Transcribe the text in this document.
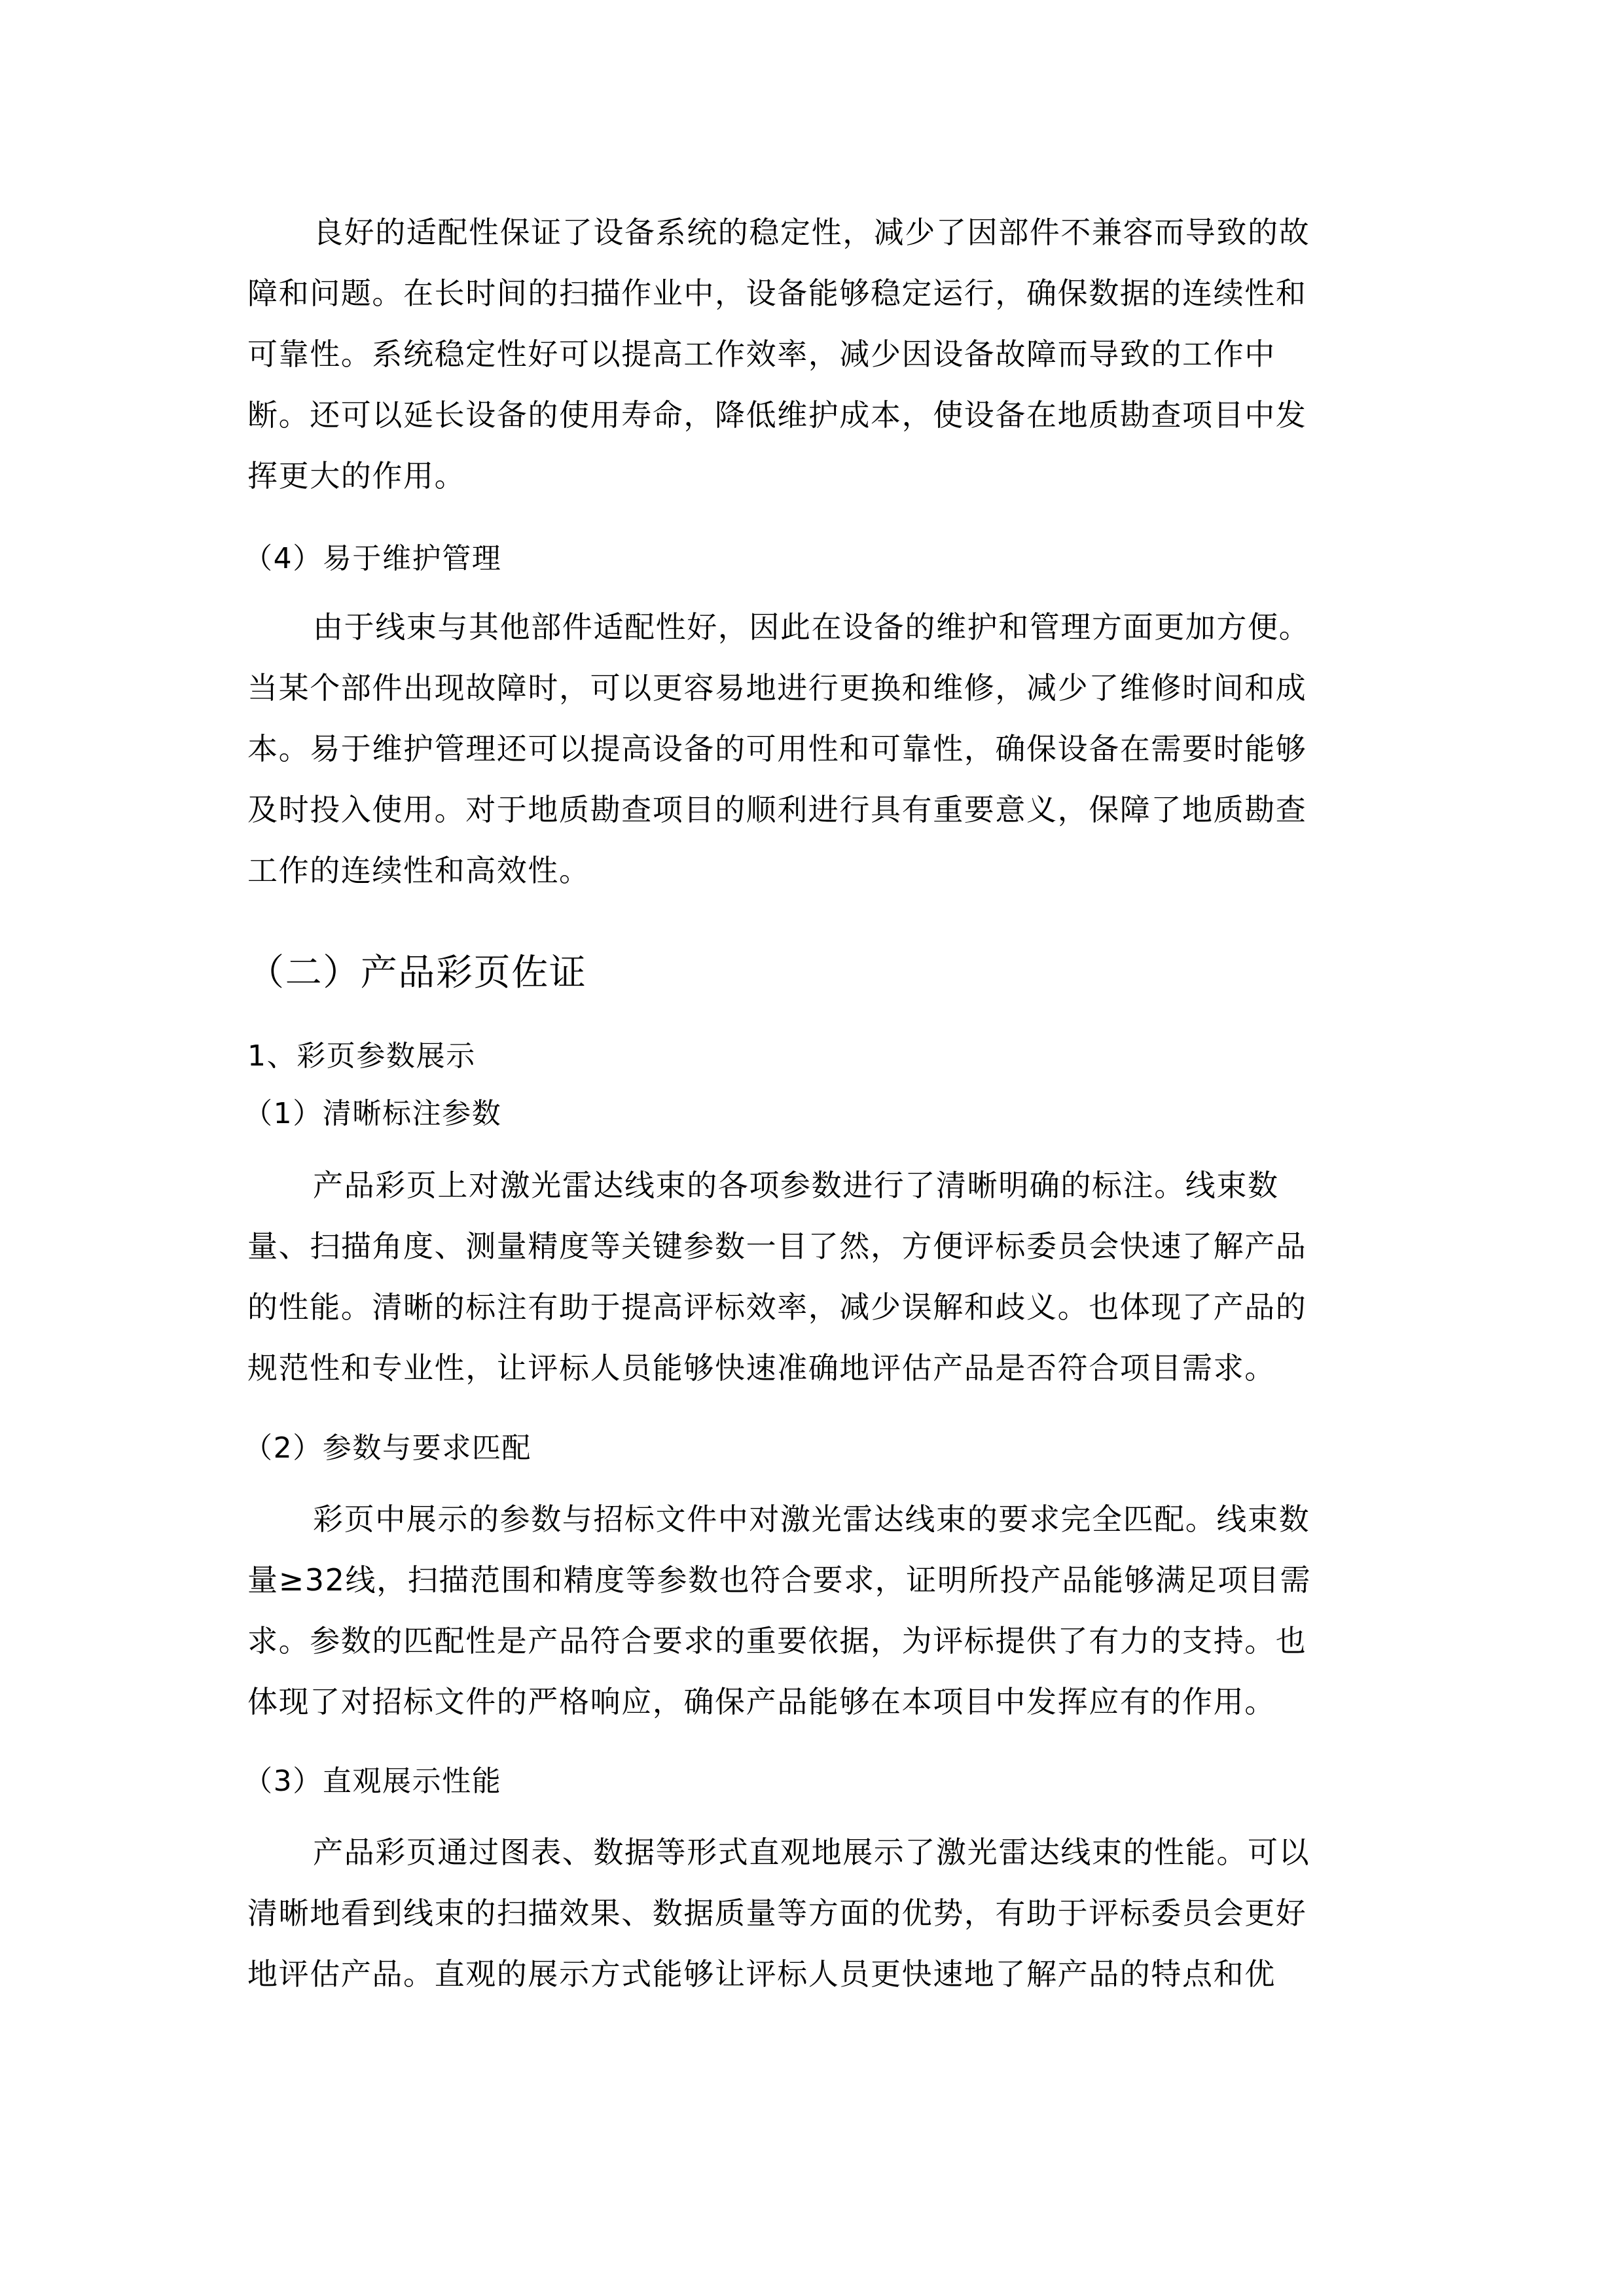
良好的适配性保证了设备系统的稳定性，减少了因部件不兼容而导致的故
障和问题。在长时间的扫描作业中，设备能够稳定运行，确保数据的连续性和
可靠性。系统稳定性好可以提高工作效率，减少因设备故障而导致的工作中
断。还可以延长设备的使用寿命，降低维护成本，使设备在地质勘查项目中发
挥更大的作用。
（4）易于维护管理
由于线束与其他部件适配性好，因此在设备的维护和管理方面更加方便。
当某个部件出现故障时，可以更容易地进行更换和维修，减少了维修时间和成
本。易于维护管理还可以提高设备的可用性和可靠性，确保设备在需要时能够
及时投入使用。对于地质勘查项目的顺利进行具有重要意义，保障了地质勘查
工作的连续性和高效性。
（二）产品彩页佐证
1、彩页参数展示
（1）清晰标注参数
产品彩页上对激光雷达线束的各项参数进行了清晰明确的标注。线束数
量、扫描角度、测量精度等关键参数一目了然，方便评标委员会快速了解产品
的性能。清晰的标注有助于提高评标效率，减少误解和歧义。也体现了产品的
规范性和专业性，让评标人员能够快速准确地评估产品是否符合项目需求。
（2）参数与要求匹配
彩页中展示的参数与招标文件中对激光雷达线束的要求完全匹配。线束数
量≥32线，扫描范围和精度等参数也符合要求，证明所投产品能够满足项目需
求。参数的匹配性是产品符合要求的重要依据，为评标提供了有力的支持。也
体现了对招标文件的严格响应，确保产品能够在本项目中发挥应有的作用。
（3）直观展示性能
产品彩页通过图表、数据等形式直观地展示了激光雷达线束的性能。可以
清晰地看到线束的扫描效果、数据质量等方面的优势，有助于评标委员会更好
地评估产品。直观的展示方式能够让评标人员更快速地了解产品的特点和优
